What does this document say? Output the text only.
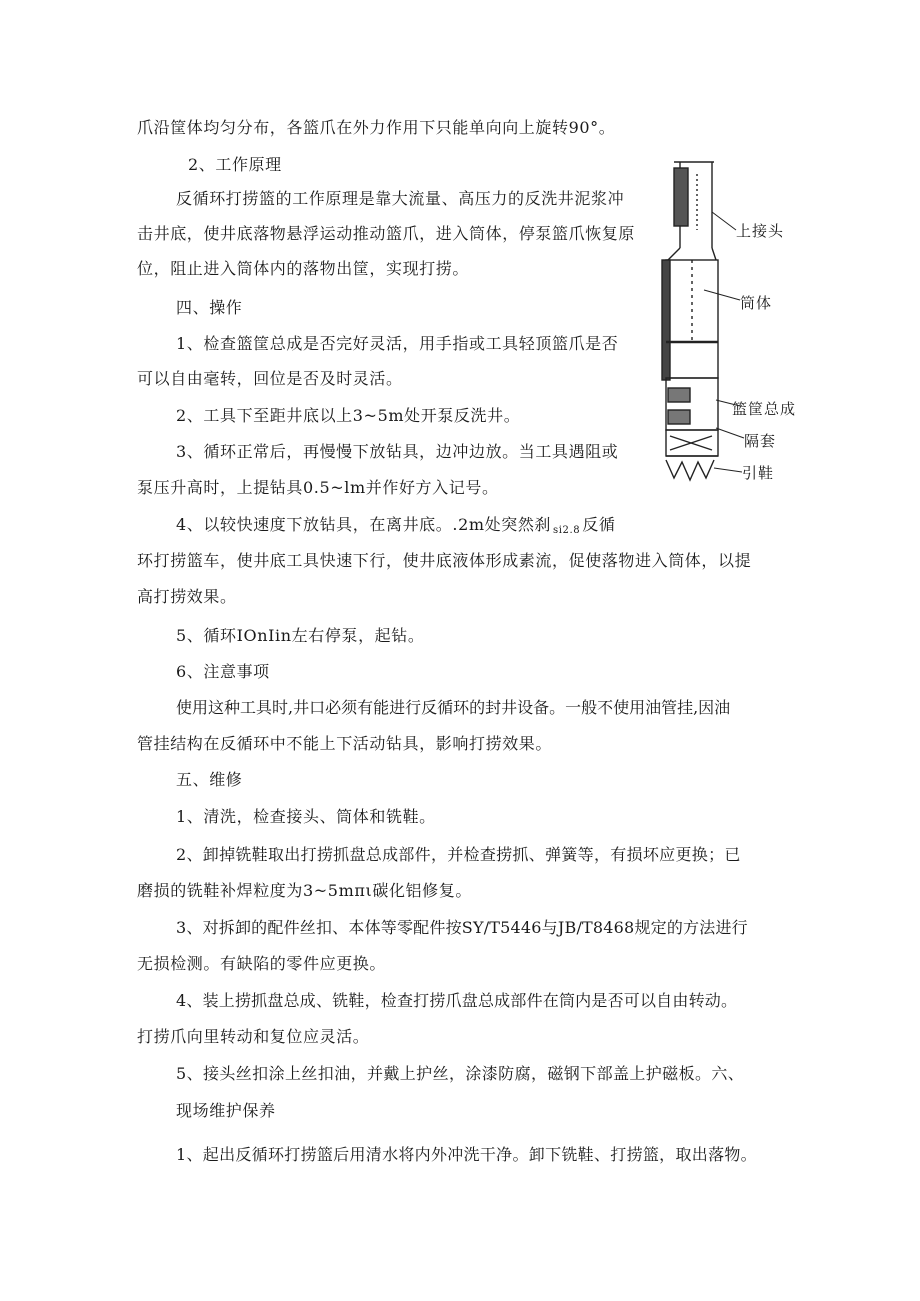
爪沿筐体均匀分布，各篮爪在外力作用下只能单向向上旋转90°。
2、工作原理
反循环打捞篮的工作原理是靠大流量、高压力的反洗井泥浆冲
击井底，使井底落物悬浮运动推动篮爪，进入筒体，停泵篮爪恢复原
位，阻止进入筒体内的落物出筐，实现打捞。
四、操作
1、检查篮筐总成是否完好灵活，用手指或工具轻顶篮爪是否
可以自由毫转，回位是否及时灵活。
2、工具下至距井底以上3~5m处开泵反洗井。
3、循环正常后，再慢慢下放钻具，边冲边放。当工具遇阻或
泵压升高时，上提钻具0.5~lm并作好方入记号。
4、以较快速度下放钻具，在离井底。.2m处突然刹 si2.8 反循
环打捞篮车，使井底工具快速下行，使井底液体形成素流，促使落物进入筒体，以提
高打捞效果。
5、循环IOnIin左右停泵，起钻。
6、注意事项
使用这种工具时,井口必须有能进行反循环的封井设备。一般不使用油管挂,因油
管挂结构在反循环中不能上下活动钻具，影响打捞效果。
五、维修
1、清洗，检查接头、筒体和铣鞋。
2、卸掉铣鞋取出打捞抓盘总成部件，并检查捞抓、弹簧等，有损坏应更换；已
磨损的铣鞋补焊粒度为3~5mπι碳化铝修复。
3、对拆卸的配件丝扣、本体等零配件按SY/T5446与JB/T8468规定的方法进行
无损检测。有缺陷的零件应更换。
4、装上捞抓盘总成、铣鞋，检查打捞爪盘总成部件在筒内是否可以自由转动。
打捞爪向里转动和复位应灵活。
5、接头丝扣涂上丝扣油，并戴上护丝，涂漆防腐，磁钢下部盖上护磁板。六、
现场维护保养
1、起出反循环打捞篮后用清水将内外冲洗干净。卸下铣鞋、打捞篮，取出落物。
上接头
筒体
篮筐总成
隔套
引鞋
